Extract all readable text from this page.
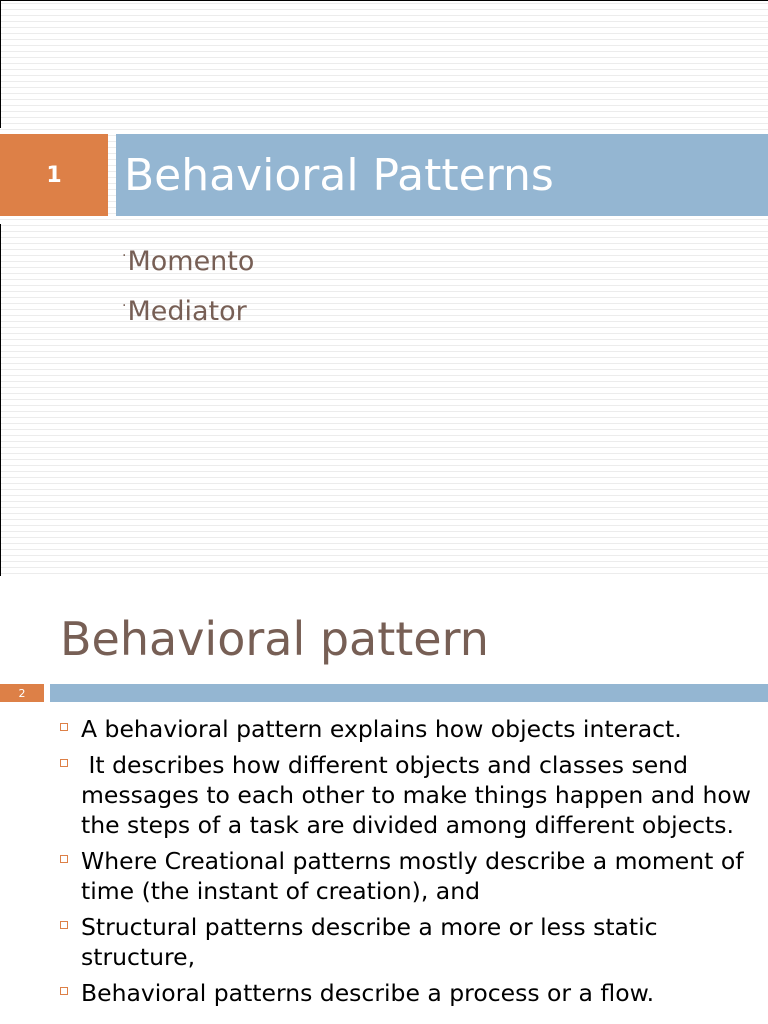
1 Behavioral Patterns
·Momento
·Mediator
Behavioral pattern
2
A behavioral pattern explains how objects interact.
It describes how different objects and classes send messages to each other to make things happen and how the steps of a task are divided among different objects.
Where Creational patterns mostly describe a moment of time (the instant of creation), and
Structural patterns describe a more or less static structure,
Behavioral patterns describe a process or a flow.
